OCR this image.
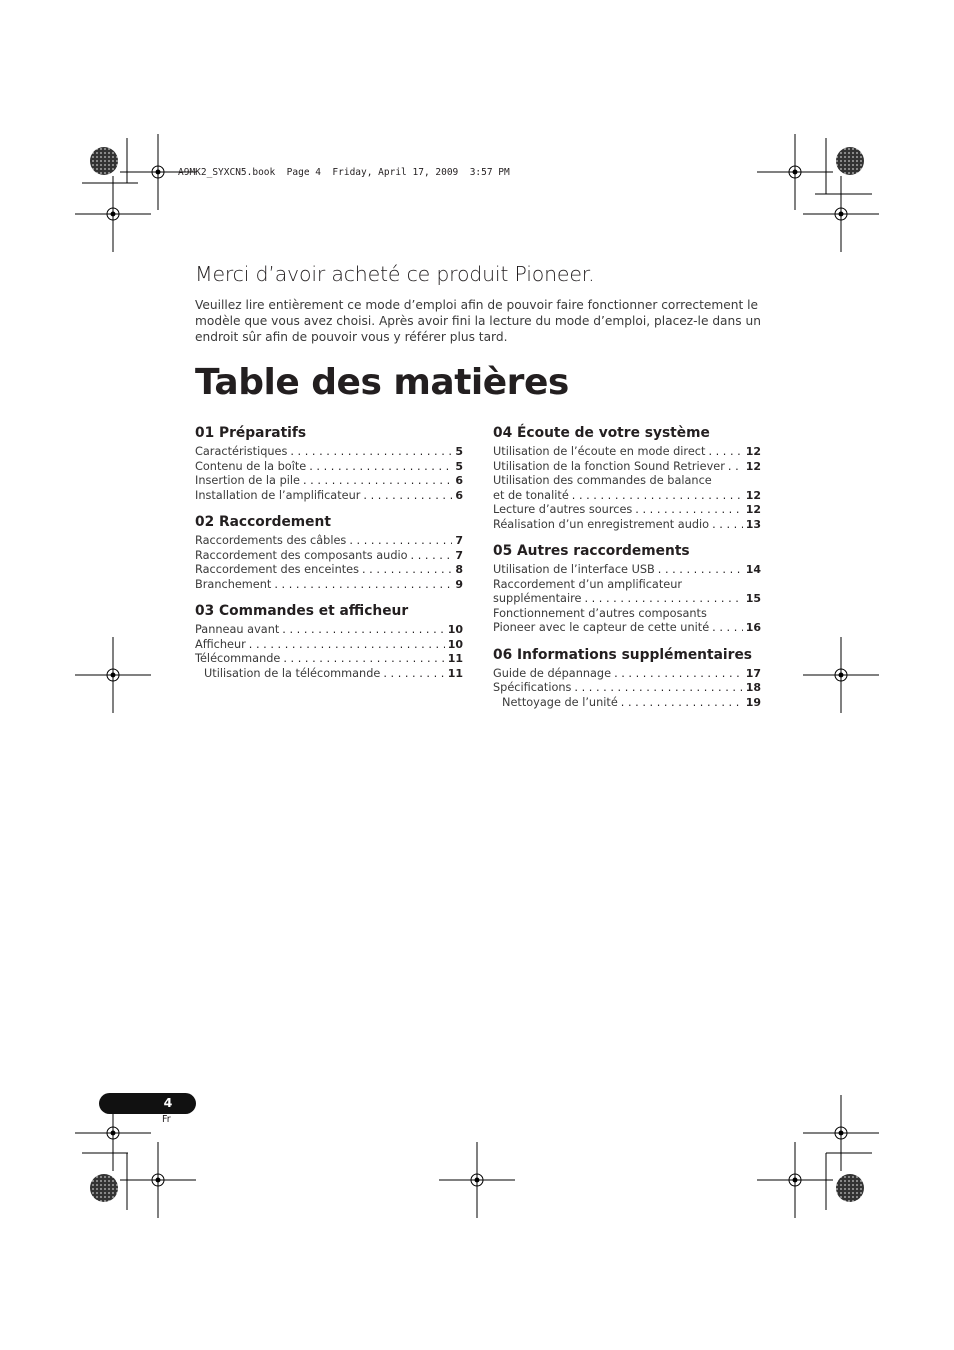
A9MK2_SYXCN5.book  Page 4  Friday, April 17, 2009  3:57 PM
Merci d’avoir acheté ce produit Pioneer.
Veuillez lire entièrement ce mode d’emploi afin de pouvoir faire fonctionner correctement le
modèle que vous avez choisi. Après avoir fini la lecture du mode d’emploi, placez-le dans un
endroit sûr afin de pouvoir vous y référer plus tard.
Table des matières
01 Préparatifs
Caractéristiques . . .	5
Contenu de la boîte . . .	5
Insertion de la pile . . .	6
Installation de l’amplificateur . . .	6
02 Raccordement
Raccordements des câbles . . .	7
Raccordement des composants audio . . .	7
Raccordement des enceintes . . .	8
Branchement . . .	9
03 Commandes et afficheur
Panneau avant . . .	10
Afficheur . . .	10
Télécommande . . .	11
Utilisation de la télécommande . . .	11
04 Écoute de votre système
Utilisation de l’écoute en mode direct . . .	12
Utilisation de la fonction Sound Retriever . . . 12
Utilisation des commandes de balance
et de tonalité . . .	12
Lecture d’autres sources . . .	12
Réalisation d’un enregistrement audio . . .	13
05 Autres raccordements
Utilisation de l’interface USB . . .	14
Raccordement d’un amplificateur
supplémentaire . . .	15
Fonctionnement d’autres composants
Pioneer avec le capteur de cette unité . . .	16
06 Informations supplémentaires
Guide de dépannage . . .	17
Spécifications . . .	18
Nettoyage de l’unité . . .	19
4
Fr
